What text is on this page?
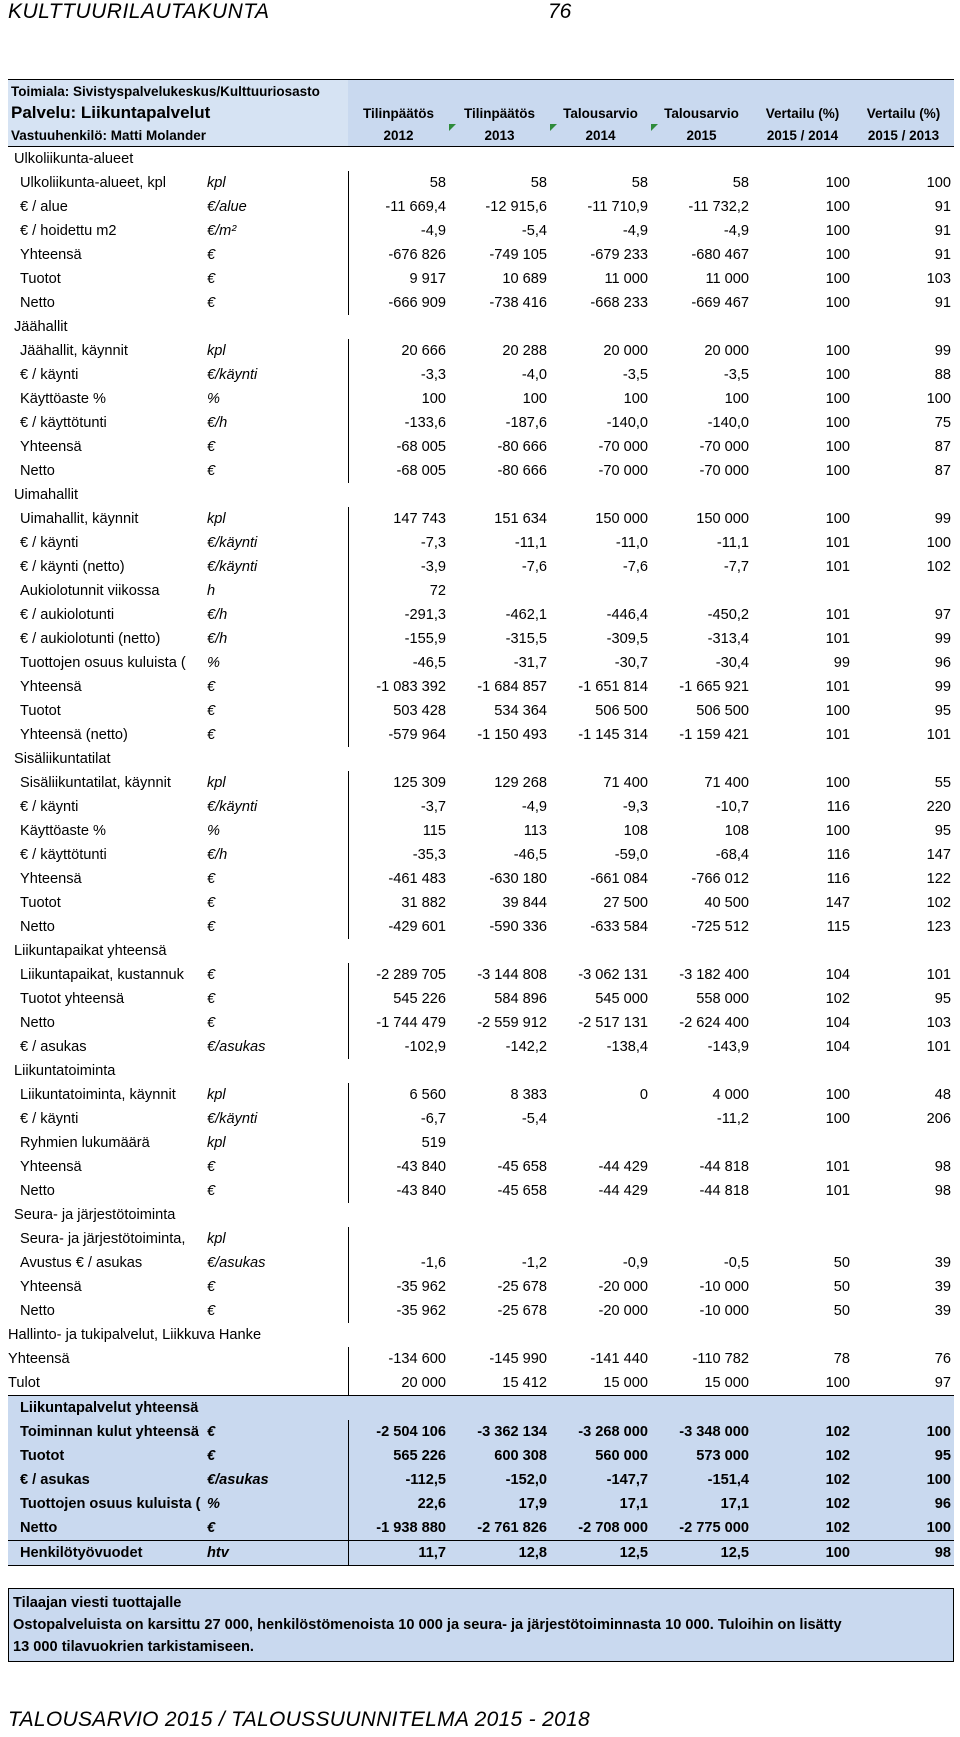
KULTTUURILAUTAKUNTA	76
Toimiala: Sivistyspalvelukeskus/Kulttuuriosasto							
Palvelu: Liikuntapalvelut		Tilinpäätös	Tilinpäätös	Talousarvio	Talousarvio	Vertailu (%)	Vertailu (%)
Vastuuhenkilö: Matti Molander		2012	2013	2014	2015	2015 / 2014	2015 / 2013
Ulkoliikunta-alueet							
Ulkoliikunta-alueet, kpl	kpl	58	58	58	58	100	100
€ / alue	€/alue	-11 669,4	-12 915,6	-11 710,9	-11 732,2	100	91
€ / hoidettu m2	€/m²	-4,9	-5,4	-4,9	-4,9	100	91
Yhteensä	€	-676 826	-749 105	-679 233	-680 467	100	91
Tuotot	€	9 917	10 689	11 000	11 000	100	103
Netto	€	-666 909	-738 416	-668 233	-669 467	100	91
Jäähallit							
Jäähallit, käynnit	kpl	20 666	20 288	20 000	20 000	100	99
€ / käynti	€/käynti	-3,3	-4,0	-3,5	-3,5	100	88
Käyttöaste %	%	100	100	100	100	100	100
€ / käyttötunti	€/h	-133,6	-187,6	-140,0	-140,0	100	75
Yhteensä	€	-68 005	-80 666	-70 000	-70 000	100	87
Netto	€	-68 005	-80 666	-70 000	-70 000	100	87
Uimahallit							
Uimahallit, käynnit	kpl	147 743	151 634	150 000	150 000	100	99
€ / käynti	€/käynti	-7,3	-11,1	-11,0	-11,1	101	100
€ / käynti (netto)	€/käynti	-3,9	-7,6	-7,6	-7,7	101	102
Aukiolotunnit viikossa	h	72					
€ / aukiolotunti	€/h	-291,3	-462,1	-446,4	-450,2	101	97
€ / aukiolotunti (netto)	€/h	-155,9	-315,5	-309,5	-313,4	101	99
Tuottojen osuus kuluista (	%	-46,5	-31,7	-30,7	-30,4	99	96
Yhteensä	€	-1 083 392	-1 684 857	-1 651 814	-1 665 921	101	99
Tuotot	€	503 428	534 364	506 500	506 500	100	95
Yhteensä (netto)	€	-579 964	-1 150 493	-1 145 314	-1 159 421	101	101
Sisäliikuntatilat							
Sisäliikuntatilat, käynnit	kpl	125 309	129 268	71 400	71 400	100	55
€ / käynti	€/käynti	-3,7	-4,9	-9,3	-10,7	116	220
Käyttöaste %	%	115	113	108	108	100	95
€ / käyttötunti	€/h	-35,3	-46,5	-59,0	-68,4	116	147
Yhteensä	€	-461 483	-630 180	-661 084	-766 012	116	122
Tuotot	€	31 882	39 844	27 500	40 500	147	102
Netto	€	-429 601	-590 336	-633 584	-725 512	115	123
Liikuntapaikat yhteensä							
Liikuntapaikat, kustannuk	€	-2 289 705	-3 144 808	-3 062 131	-3 182 400	104	101
Tuotot yhteensä	€	545 226	584 896	545 000	558 000	102	95
Netto	€	-1 744 479	-2 559 912	-2 517 131	-2 624 400	104	103
€ / asukas	€/asukas	-102,9	-142,2	-138,4	-143,9	104	101
Liikuntatoiminta							
Liikuntatoiminta, käynnit	kpl	6 560	8 383	0	4 000	100	48
€ / käynti	€/käynti	-6,7	-5,4		-11,2	100	206
Ryhmien lukumäärä	kpl	519					
Yhteensä	€	-43 840	-45 658	-44 429	-44 818	101	98
Netto	€	-43 840	-45 658	-44 429	-44 818	101	98
Seura- ja järjestötoiminta							
Seura- ja järjestötoiminta,	kpl						
Avustus € / asukas	€/asukas	-1,6	-1,2	-0,9	-0,5	50	39
Yhteensä	€	-35 962	-25 678	-20 000	-10 000	50	39
Netto	€	-35 962	-25 678	-20 000	-10 000	50	39
Hallinto- ja tukipalvelut, Liikkuva Hanke							
Yhteensä		-134 600	-145 990	-141 440	-110 782	78	76
Tulot		20 000	15 412	15 000	15 000	100	97
Liikuntapalvelut yhteensä							
Toiminnan kulut yhteensä	€	-2 504 106	-3 362 134	-3 268 000	-3 348 000	102	100
Tuotot	€	565 226	600 308	560 000	573 000	102	95
€ / asukas	€/asukas	-112,5	-152,0	-147,7	-151,4	102	100
Tuottojen osuus kuluista (	%	22,6	17,9	17,1	17,1	102	96
Netto	€	-1 938 880	-2 761 826	-2 708 000	-2 775 000	102	100
Henkilötyövuodet	htv	11,7	12,8	12,5	12,5	100	98
Tilaajan viesti tuottajalle
Ostopalveluista on karsittu 27 000, henkilöstömenoista 10 000 ja seura- ja järjestötoiminnasta 10 000. Tuloihin on lisätty
13 000 tilavuokrien tarkistamiseen.
TALOUSARVIO 2015 / TALOUSSUUNNITELMA 2015 - 2018
